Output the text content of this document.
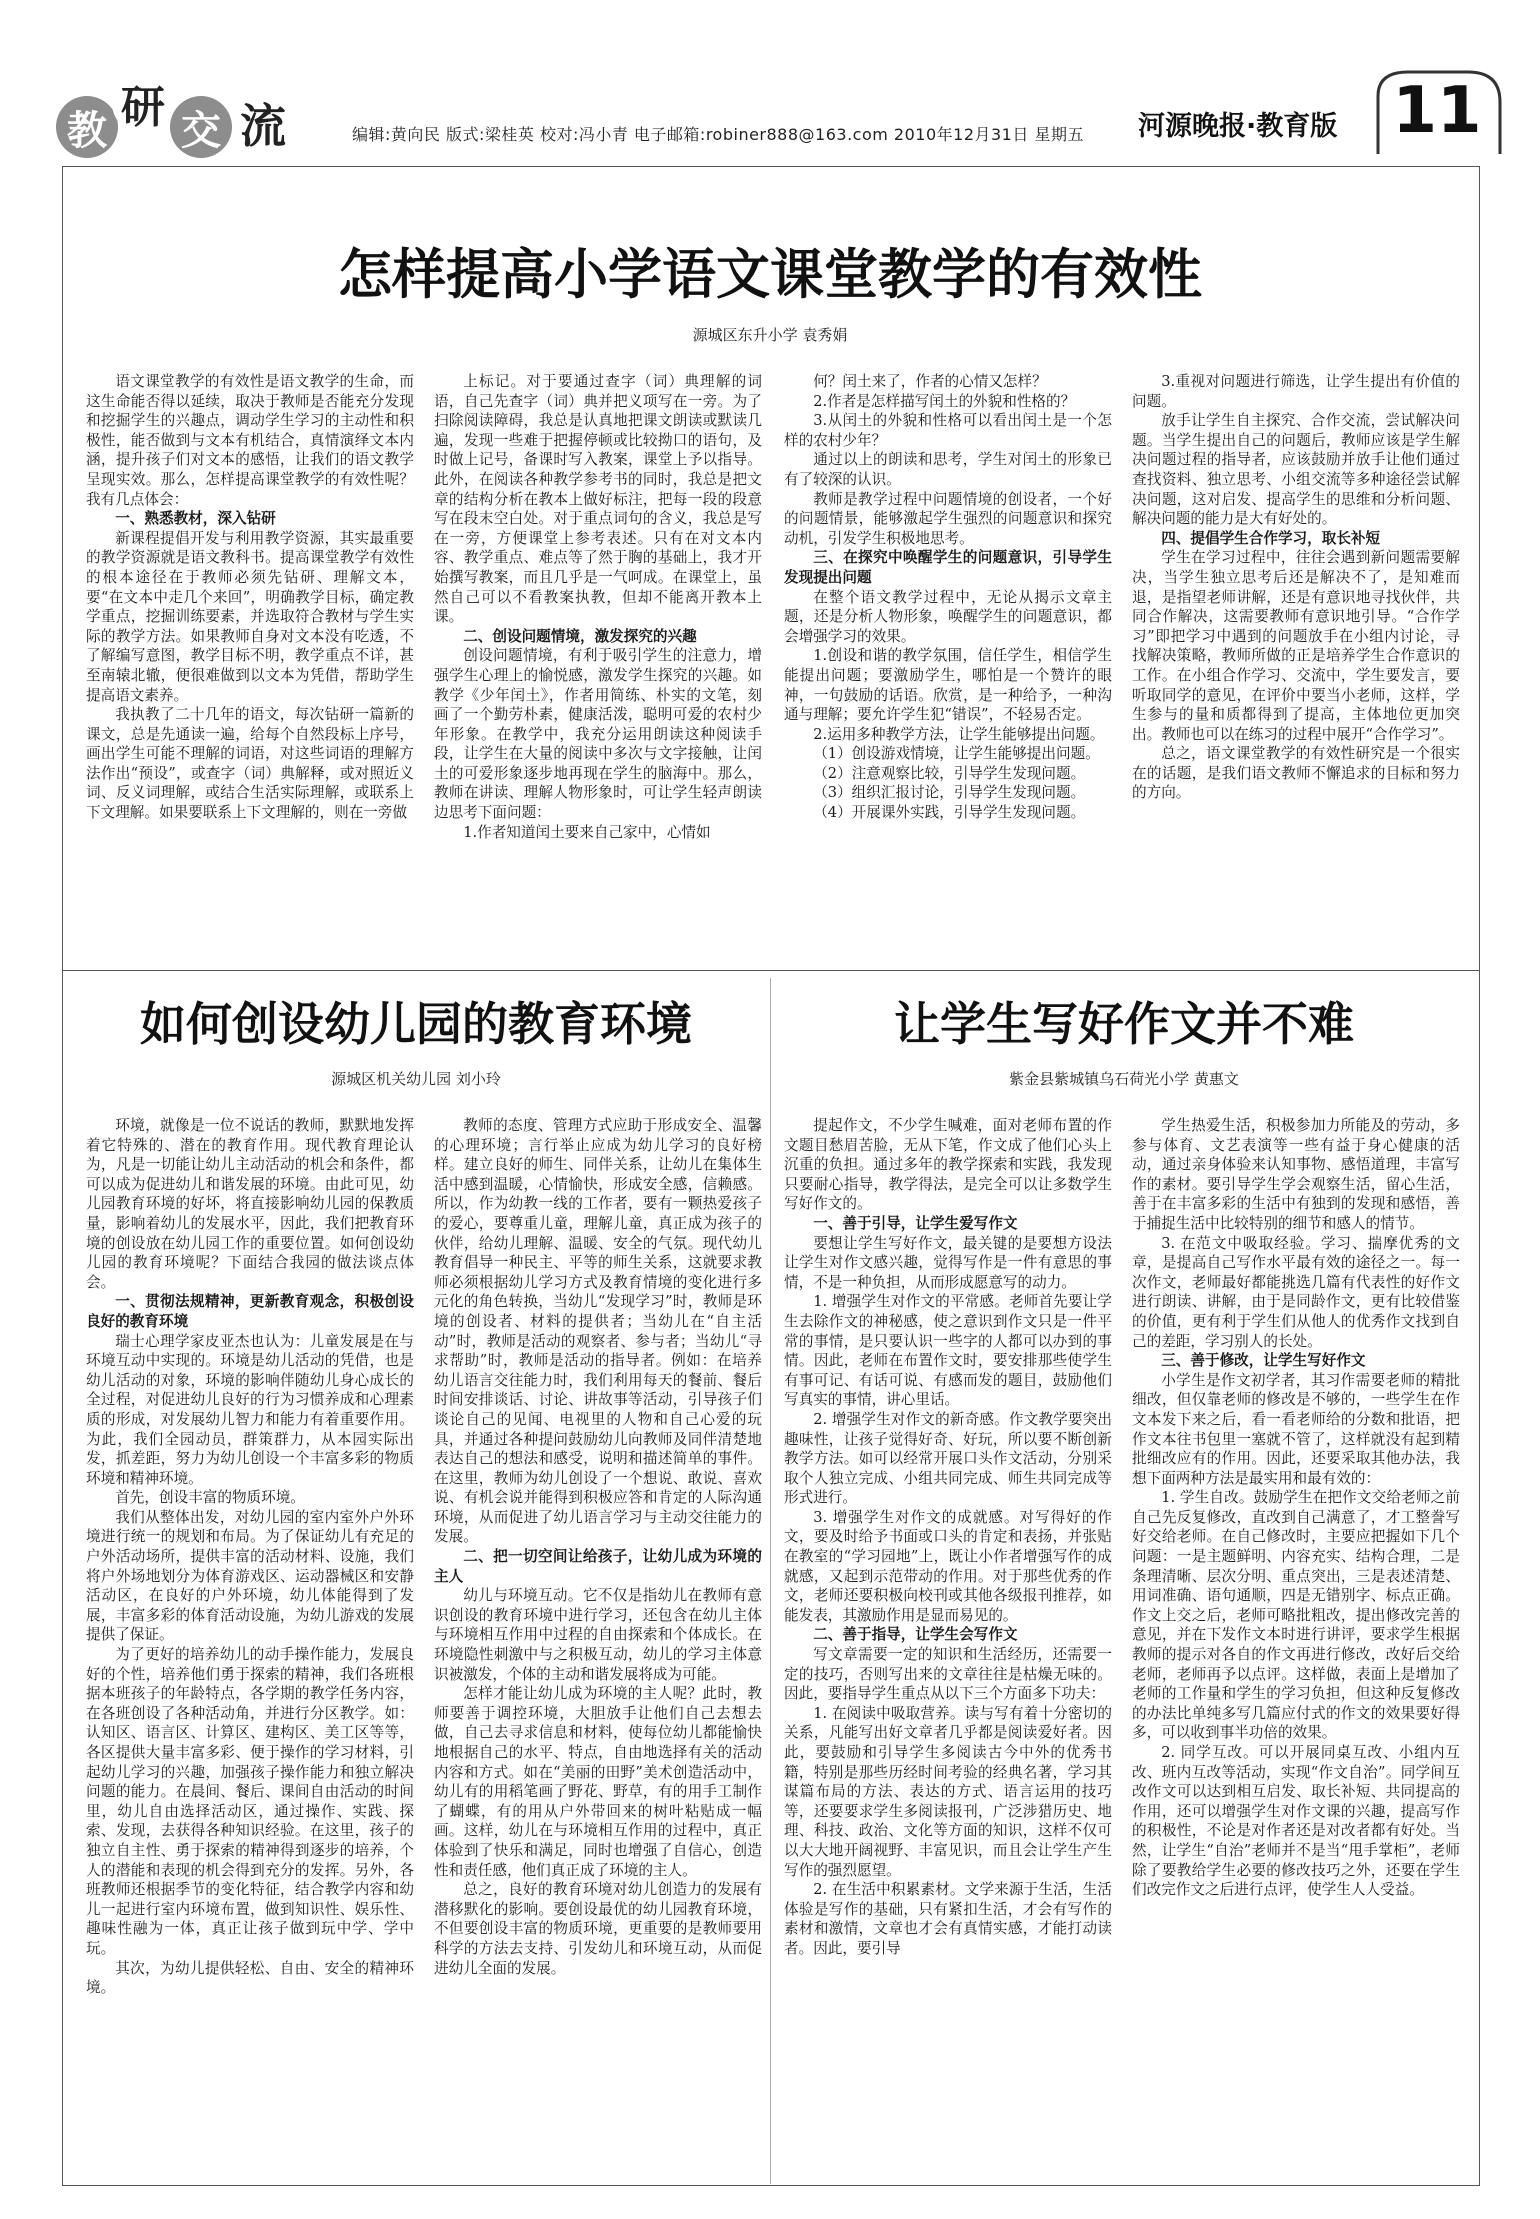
教 研 交 流	编辑:黄向民 版式:梁桂英 校对:冯小青 电子邮箱:robiner888@163.com 2010年12月31日 星期五 河源晚报·教育版 11
怎样提高小学语文课堂教学的有效性
源城区东升小学 袁秀娟

语文课堂教学的有效性是语文教学的生命，而这生命能否得以延续，取决于教师是否能充分发现和挖掘学生的兴趣点，调动学生学习的主动性和积极性，能否做到与文本有机结合，真情演绎文本内涵，提升孩子们对文本的感悟，让我们的语文教学呈现实效。那么，怎样提高课堂教学的有效性呢？我有几点体会：

一、熟悉教材，深入钻研

新课程提倡开发与利用教学资源，其实最重要的教学资源就是语文教科书。提高课堂教学有效性的根本途径在于教师必须先钻研、理解文本，要“在文本中走几个来回”，明确教学目标，确定教学重点，挖掘训练要素，并选取符合教材与学生实际的教学方法。如果教师自身对文本没有吃透，不了解编写意图，教学目标不明，教学重点不详，甚至南辕北辙，便很难做到以文本为凭借，帮助学生提高语文素养。

我执教了二十几年的语文，每次钻研一篇新的课文，总是先通读一遍，给每个自然段标上序号，画出学生可能不理解的词语，对这些词语的理解方法作出“预设”，或查字（词）典解释，或对照近义词、反义词理解，或结合生活实际理解，或联系上下文理解。如果要联系上下文理解的，则在一旁做

上标记。对于要通过查字（词）典理解的词语，自己先查字（词）典并把义项写在一旁。为了扫除阅读障碍，我总是认真地把课文朗读或默读几遍，发现一些难于把握停顿或比较拗口的语句，及时做上记号，备课时写入教案，课堂上予以指导。此外，在阅读各种教学参考书的同时，我总是把文章的结构分析在教本上做好标注，把每一段的段意写在段末空白处。对于重点词句的含义，我总是写在一旁，方便课堂上参考表述。只有在对文本内容、教学重点、难点等了然于胸的基础上，我才开始撰写教案，而且几乎是一气呵成。在课堂上，虽然自己可以不看教案执教，但却不能离开教本上课。

二、创设问题情境，激发探究的兴趣

创设问题情境，有利于吸引学生的注意力，增强学生心理上的愉悦感，激发学生探究的兴趣。如教学《少年闰土》，作者用简练、朴实的文笔，刻画了一个勤劳朴素，健康活泼，聪明可爱的农村少年形象。在教学中，我充分运用朗读这种阅读手段，让学生在大量的阅读中多次与文字接触，让闰土的可爱形象逐步地再现在学生的脑海中。那么，教师在讲读、理解人物形象时，可让学生轻声朗读边思考下面问题：

1.作者知道闰土要来自己家中，心情如

何？闰土来了，作者的心情又怎样？

2.作者是怎样描写闰土的外貌和性格的？

3.从闰土的外貌和性格可以看出闰土是一个怎样的农村少年？

通过以上的朗读和思考，学生对闰土的形象已有了较深的认识。

教师是教学过程中问题情境的创设者，一个好的问题情景，能够激起学生强烈的问题意识和探究动机，引发学生积极地思考。

三、在探究中唤醒学生的问题意识，引导学生发现提出问题

在整个语文教学过程中，无论从揭示文章主题，还是分析人物形象，唤醒学生的问题意识，都会增强学习的效果。

1.创设和谐的教学氛围，信任学生，相信学生能提出问题；要激励学生，哪怕是一个赞许的眼神，一句鼓励的话语。欣赏，是一种给予，一种沟通与理解；要允许学生犯“错误”，不轻易否定。

2.运用多种教学方法，让学生能够提出问题。

（1）创设游戏情境，让学生能够提出问题。

（2）注意观察比较，引导学生发现问题。

（3）组织汇报讨论，引导学生发现问题。

（4）开展课外实践，引导学生发现问题。

3.重视对问题进行筛选，让学生提出有价值的问题。

放手让学生自主探究、合作交流，尝试解决问题。当学生提出自己的问题后，教师应该是学生解决问题过程的指导者，应该鼓励并放手让他们通过查找资料、独立思考、小组交流等多种途径尝试解决问题，这对启发、提高学生的思维和分析问题、解决问题的能力是大有好处的。

四、提倡学生合作学习，取长补短

学生在学习过程中，往往会遇到新问题需要解决，当学生独立思考后还是解决不了，是知难而退，是指望老师讲解，还是有意识地寻找伙伴，共同合作解决，这需要教师有意识地引导。“合作学习”即把学习中遇到的问题放手在小组内讨论，寻找解决策略，教师所做的正是培养学生合作意识的工作。在小组合作学习、交流中，学生要发言，要听取同学的意见，在评价中要当小老师，这样，学生参与的量和质都得到了提高，主体地位更加突出。教师也可以在练习的过程中展开“合作学习”。

总之，语文课堂教学的有效性研究是一个很实在的话题，是我们语文教师不懈追求的目标和努力的方向。

如何创设幼儿园的教育环境
源城区机关幼儿园 刘小玲

环境，就像是一位不说话的教师，默默地发挥着它特殊的、潜在的教育作用。现代教育理论认为，凡是一切能让幼儿主动活动的机会和条件，都可以成为促进幼儿和谐发展的环境。由此可见，幼儿园教育环境的好坏，将直接影响幼儿园的保教质量，影响着幼儿的发展水平，因此，我们把教育环境的创设放在幼儿园工作的重要位置。如何创设幼儿园的教育环境呢？下面结合我园的做法谈点体会。

一、贯彻法规精神，更新教育观念，积极创设良好的教育环境

瑞士心理学家皮亚杰也认为：儿童发展是在与环境互动中实现的。环境是幼儿活动的凭借，也是幼儿活动的对象，环境的影响伴随幼儿身心成长的全过程，对促进幼儿良好的行为习惯养成和心理素质的形成，对发展幼儿智力和能力有着重要作用。为此，我们全园动员，群策群力，从本园实际出发，抓差距，努力为幼儿创设一个丰富多彩的物质环境和精神环境。

首先，创设丰富的物质环境。

我们从整体出发，对幼儿园的室内室外户外环境进行统一的规划和布局。为了保证幼儿有充足的户外活动场所，提供丰富的活动材料、设施，我们将户外场地划分为体育游戏区、运动器械区和安静活动区，在良好的户外环境，幼儿体能得到了发展，丰富多彩的体育活动设施，为幼儿游戏的发展提供了保证。

为了更好的培养幼儿的动手操作能力，发展良好的个性，培养他们勇于探索的精神，我们各班根据本班孩子的年龄特点，各学期的教学任务内容，在各班创设了各种活动角，并进行分区教学。如：认知区、语言区、计算区、建构区、美工区等等，各区提供大量丰富多彩、便于操作的学习材料，引起幼儿学习的兴趣，加强孩子操作能力和独立解决问题的能力。在晨间、餐后、课间自由活动的时间里，幼儿自由选择活动区，通过操作、实践、探索、发现，去获得各种知识经验。在这里，孩子的独立自主性、勇于探索的精神得到逐步的培养，个人的潜能和表现的机会得到充分的发挥。另外，各班教师还根据季节的变化特征，结合教学内容和幼儿一起进行室内环境布置，做到知识性、娱乐性、趣味性融为一体，真正让孩子做到玩中学、学中玩。

其次，为幼儿提供轻松、自由、安全的精神环境。

教师的态度、管理方式应助于形成安全、温馨的心理环境；言行举止应成为幼儿学习的良好榜样。建立良好的师生、同伴关系，让幼儿在集体生活中感到温暖，心情愉快，形成安全感，信赖感。所以，作为幼教一线的工作者，要有一颗热爱孩子的爱心，要尊重儿童，理解儿童，真正成为孩子的伙伴，给幼儿理解、温暖、安全的气氛。现代幼儿教育倡导一种民主、平等的师生关系，这就要求教师必须根据幼儿学习方式及教育情境的变化进行多元化的角色转换，当幼儿“发现学习”时，教师是环境的创设者、材料的提供者；当幼儿在“自主活动”时，教师是活动的观察者、参与者；当幼儿“寻求帮助”时，教师是活动的指导者。例如：在培养幼儿语言交往能力时，我们利用每天的餐前、餐后时间安排谈话、讨论、讲故事等活动，引导孩子们谈论自己的见闻、电视里的人物和自己心爱的玩具，并通过各种提问鼓励幼儿向教师及同伴清楚地表达自己的想法和感受，说明和描述简单的事件。在这里，教师为幼儿创设了一个想说、敢说、喜欢说、有机会说并能得到积极应答和肯定的人际沟通环境，从而促进了幼儿语言学习与主动交往能力的发展。

二、把一切空间让给孩子，让幼儿成为环境的主人

幼儿与环境互动。它不仅是指幼儿在教师有意识创设的教育环境中进行学习，还包含在幼儿主体与环境相互作用中过程的自由探索和个体成长。在环境隐性刺激中与之积极互动，幼儿的学习主体意识被激发，个体的主动和谐发展将成为可能。

怎样才能让幼儿成为环境的主人呢？此时，教师要善于调控环境，大胆放手让他们自己去想去做，自己去寻求信息和材料，使每位幼儿都能愉快地根据自己的水平、特点，自由地选择有关的活动内容和方式。如在“美丽的田野”美术创造活动中，幼儿有的用稻笔画了野花、野草，有的用手工制作了蝴蝶，有的用从户外带回来的树叶粘贴成一幅画。这样，幼儿在与环境相互作用的过程中，真正体验到了快乐和满足，同时也增强了自信心，创造性和责任感，他们真正成了环境的主人。

总之，良好的教育环境对幼儿创造力的发展有潜移默化的影响。要创设最优的幼儿园教育环境，不但要创设丰富的物质环境，更重要的是教师要用科学的方法去支持、引发幼儿和环境互动，从而促进幼儿全面的发展。

让学生写好作文并不难
紫金县紫城镇乌石荷光小学 黄惠文

提起作文，不少学生喊难，面对老师布置的作文题目愁眉苦脸，无从下笔，作文成了他们心头上沉重的负担。通过多年的教学探索和实践，我发现只要耐心指导，教学得法，是完全可以让多数学生写好作文的。

一、善于引导，让学生爱写作文

要想让学生写好作文，最关键的是要想方设法让学生对作文感兴趣，觉得写作是一件有意思的事情，不是一种负担，从而形成愿意写的动力。

1. 增强学生对作文的平常感。老师首先要让学生去除作文的神秘感，使之意识到作文只是一件平常的事情，是只要认识一些字的人都可以办到的事情。因此，老师在布置作文时，要安排那些使学生有事可记、有话可说、有感而发的题目，鼓励他们写真实的事情，讲心里话。

2. 增强学生对作文的新奇感。作文教学要突出趣味性，让孩子觉得好奇、好玩，所以要不断创新教学方法。如可以经常开展口头作文活动，分别采取个人独立完成、小组共同完成、师生共同完成等形式进行。

3. 增强学生对作文的成就感。对写得好的作文，要及时给予书面或口头的肯定和表扬，并张贴在教室的“学习园地”上，既让小作者增强写作的成就感，又起到示范带动的作用。对于那些优秀的作文，老师还要积极向校刊或其他各级报刊推荐，如能发表，其激励作用是显而易见的。

二、善于指导，让学生会写作文

写文章需要一定的知识和生活经历，还需要一定的技巧，否则写出来的文章往往是枯燥无味的。因此，要指导学生重点从以下三个方面多下功夫：

1. 在阅读中吸取营养。读与写有着十分密切的关系，凡能写出好文章者几乎都是阅读爱好者。因此，要鼓励和引导学生多阅读古今中外的优秀书籍，特别是那些历经时间考验的经典名著，学习其谋篇布局的方法、表达的方式、语言运用的技巧等，还要要求学生多阅读报刊，广泛涉猎历史、地理、科技、政治、文化等方面的知识，这样不仅可以大大地开阔视野、丰富见识，而且会让学生产生写作的强烈愿望。

2. 在生活中积累素材。文学来源于生活，生活体验是写作的基础，只有紧扣生活，才会有写作的素材和激情，文章也才会有真情实感，才能打动读者。因此，要引导

学生热爱生活，积极参加力所能及的劳动，多参与体育、文艺表演等一些有益于身心健康的活动，通过亲身体验来认知事物、感悟道理，丰富写作的素材。要引导学生学会观察生活，留心生活，善于在丰富多彩的生活中有独到的发现和感悟，善于捕捉生活中比较特别的细节和感人的情节。

3. 在范文中吸取经验。学习、揣摩优秀的文章，是提高自己写作水平最有效的途径之一。每一次作文，老师最好都能挑选几篇有代表性的好作文进行朗读、讲解，由于是同龄作文，更有比较借鉴的价值，更有利于学生们从他人的优秀作文找到自己的差距，学习别人的长处。

三、善于修改，让学生写好作文

小学生是作文初学者，其习作需要老师的精批细改，但仅靠老师的修改是不够的，一些学生在作文本发下来之后，看一看老师给的分数和批语，把作文本往书包里一塞就不管了，这样就没有起到精批细改应有的作用。因此，还要采取其他办法，我想下面两种方法是最实用和最有效的：

1. 学生自改。鼓励学生在把作文交给老师之前自己先反复修改，直改到自己满意了，才工整誊写好交给老师。在自己修改时，主要应把握如下几个问题：一是主题鲜明、内容充实、结构合理，二是条理清晰、层次分明、重点突出，三是表述清楚、用词准确、语句通顺，四是无错别字、标点正确。作文上交之后，老师可略批粗改，提出修改完善的意见，并在下发作文本时进行讲评，要求学生根据教师的提示对各自的作文再进行修改，改好后交给老师，老师再予以点评。这样做，表面上是增加了老师的工作量和学生的学习负担，但这种反复修改的办法比单纯多写几篇应付式的作文的效果要好得多，可以收到事半功倍的效果。

2. 同学互改。可以开展同桌互改、小组内互改、班内互改等活动，实现“作文自治”。同学间互改作文可以达到相互启发、取长补短、共同提高的作用，还可以增强学生对作文课的兴趣，提高写作的积极性，不论是对作者还是对改者都有好处。当然，让学生“自治”老师并不是当“甩手掌柜”，老师除了要教给学生必要的修改技巧之外，还要在学生们改完作文之后进行点评，使学生人人受益。
